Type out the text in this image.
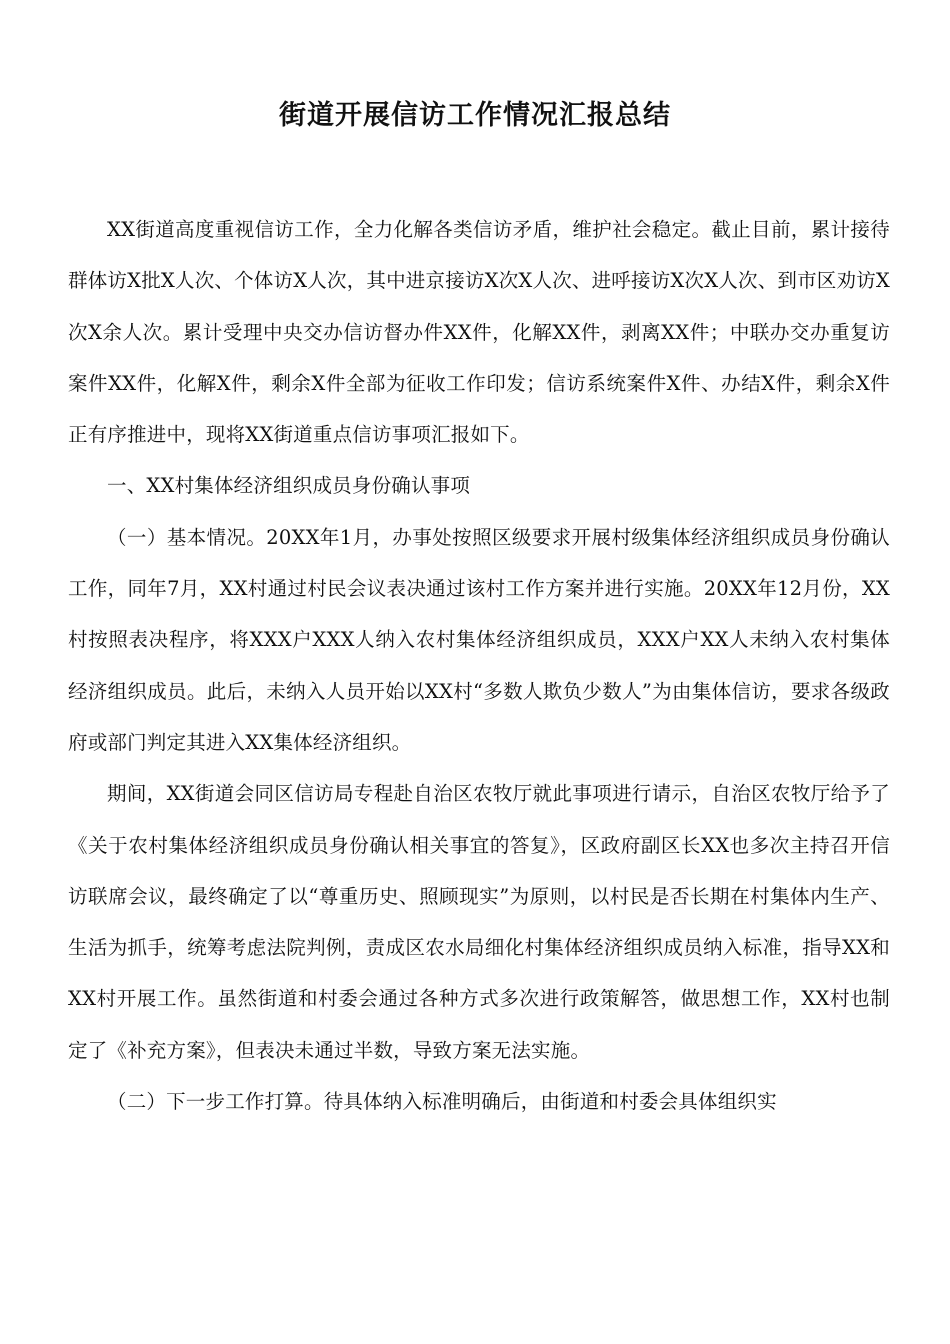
街道开展信访工作情况汇报总结

XX街道高度重视信访工作，全力化解各类信访矛盾，维护社会稳定。截止目前，累计接待群体访X批X人次、个体访X人次，其中进京接访X次X人次、进呼接访X次X人次、到市区劝访X次X余人次。累计受理中央交办信访督办件XX件，化解XX件，剥离XX件；中联办交办重复访案件XX件，化解X件，剩余X件全部为征收工作印发；信访系统案件X件、办结X件，剩余X件正有序推进中，现将XX街道重点信访事项汇报如下。

一、XX村集体经济组织成员身份确认事项

（一）基本情况。20XX年1月，办事处按照区级要求开展村级集体经济组织成员身份确认工作，同年7月，XX村通过村民会议表决通过该村工作方案并进行实施。20XX年12月份，XX村按照表决程序，将XXX户XXX人纳入农村集体经济组织成员，XXX户XX人未纳入农村集体经济组织成员。此后，未纳入人员开始以XX村“多数人欺负少数人”为由集体信访，要求各级政府或部门判定其进入XX集体经济组织。

期间，XX街道会同区信访局专程赴自治区农牧厅就此事项进行请示，自治区农牧厅给予了《关于农村集体经济组织成员身份确认相关事宜的答复》，区政府副区长XX也多次主持召开信访联席会议，最终确定了以“尊重历史、照顾现实”为原则，以村民是否长期在村集体内生产、生活为抓手，统筹考虑法院判例，责成区农水局细化村集体经济组织成员纳入标准，指导XX和XX村开展工作。虽然街道和村委会通过各种方式多次进行政策解答，做思想工作，XX村也制定了《补充方案》，但表决未通过半数，导致方案无法实施。

（二）下一步工作打算。待具体纳入标准明确后，由街道和村委会具体组织实
